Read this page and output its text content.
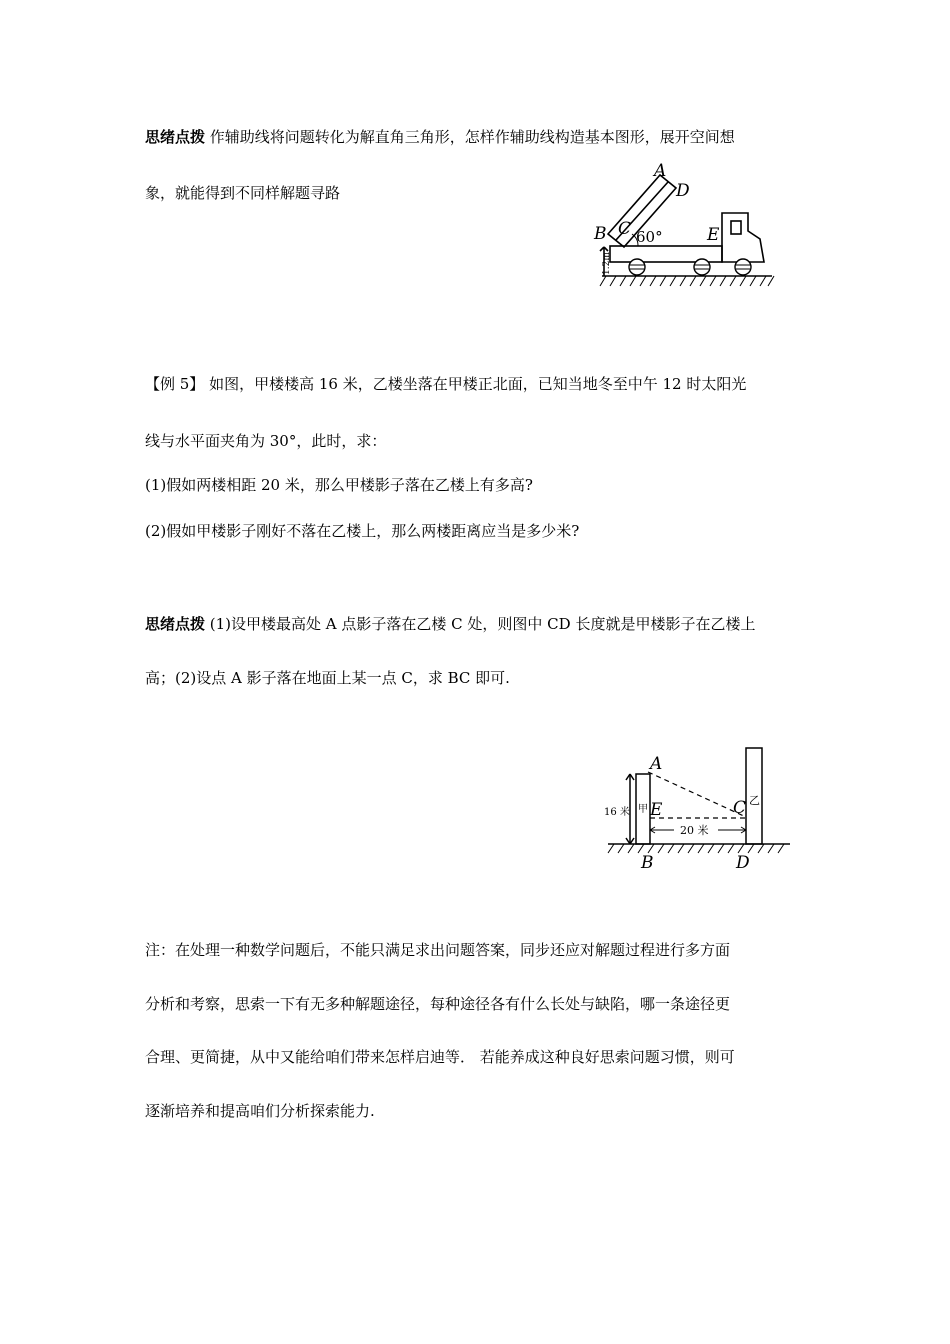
思绪点拨 作辅助线将问题转化为解直角三角形，怎样作辅助线构造基本图形，展开空间想
象，就能得到不同样解题寻路
A
D
B C 60°	E
1.2m
【例 5】 如图，甲楼楼高 16 米，乙楼坐落在甲楼正北面，已知当地冬至中午 12 时太阳光
线与水平面夹角为 30°，此时，求：
(1)假如两楼相距 20 米，那么甲楼影子落在乙楼上有多高?
(2)假如甲楼影子刚好不落在乙楼上，那么两楼距离应当是多少米?
思绪点拨 (1)设甲楼最高处 A 点影子落在乙楼 C 处，则图中 CD 长度就是甲楼影子在乙楼上
高；(2)设点 A 影子落在地面上某一点 C，求 BC 即可.
A
E	C
B	D
16 米 甲
乙
20 米
注：在处理一种数学问题后，不能只满足求出问题答案，同步还应对解题过程进行多方面
分析和考察，思索一下有无多种解题途径，每种途径各有什么长处与缺陷，哪一条途径更
合理、更简捷，从中又能给咱们带来怎样启迪等． 若能养成这种良好思索问题习惯，则可
逐渐培养和提高咱们分析探索能力.
